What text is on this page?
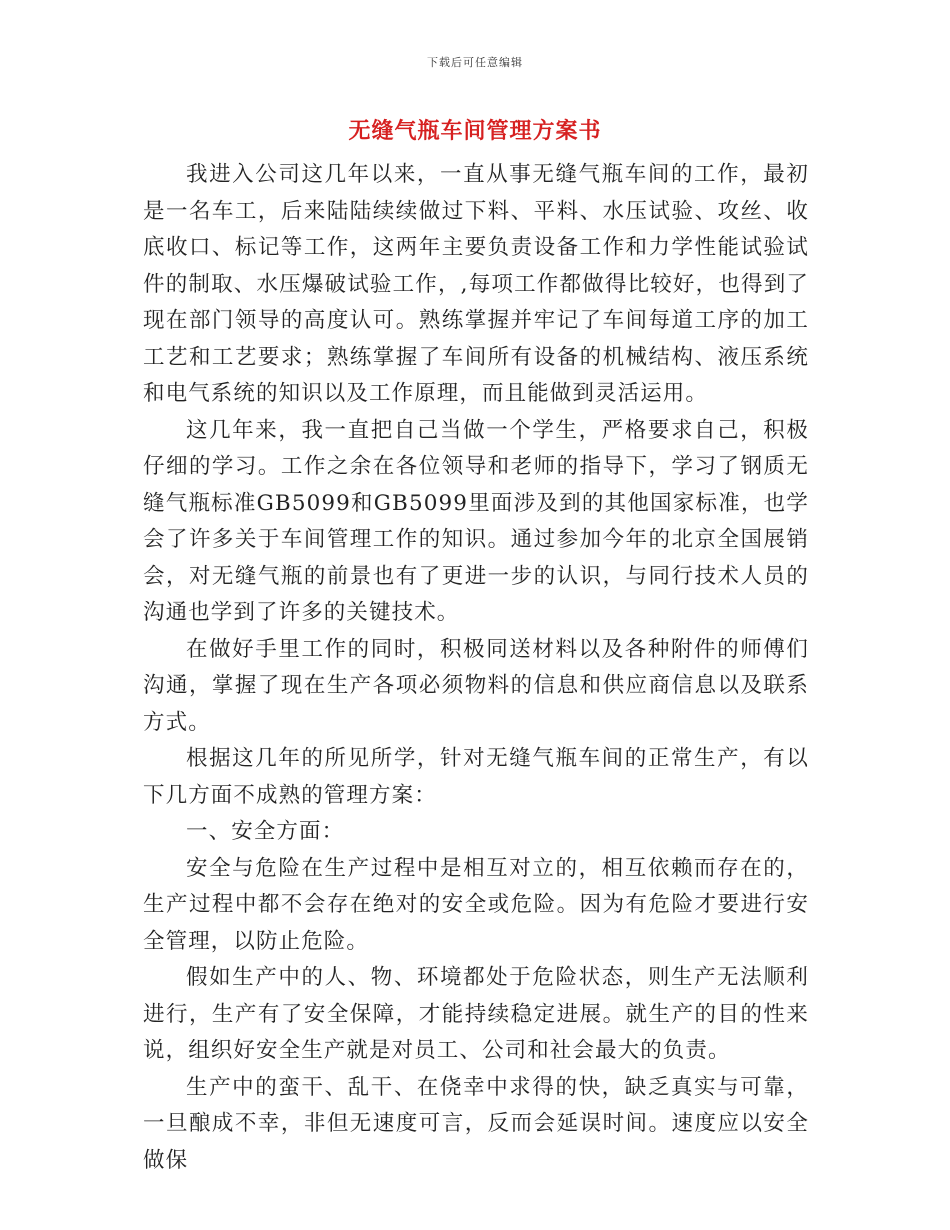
下载后可任意编辑
无缝气瓶车间管理方案书

我进入公司这几年以来，一直从事无缝气瓶车间的工作，最初是一名车工，后来陆陆续续做过下料、平料、水压试验、攻丝、收底收口、标记等工作，这两年主要负责设备工作和力学性能试验试件的制取、水压爆破试验工作，,每项工作都做得比较好，也得到了现在部门领导的高度认可。熟练掌握并牢记了车间每道工序的加工工艺和工艺要求；熟练掌握了车间所有设备的机械结构、液压系统和电气系统的知识以及工作原理，而且能做到灵活运用。

这几年来，我一直把自己当做一个学生，严格要求自己，积极仔细的学习。工作之余在各位领导和老师的指导下，学习了钢质无缝气瓶标准GB5099和GB5099里面涉及到的其他国家标准，也学会了许多关于车间管理工作的知识。通过参加今年的北京全国展销会，对无缝气瓶的前景也有了更进一步的认识，与同行技术人员的沟通也学到了许多的关键技术。

在做好手里工作的同时，积极同送材料以及各种附件的师傅们沟通，掌握了现在生产各项必须物料的信息和供应商信息以及联系方式。

根据这几年的所见所学，针对无缝气瓶车间的正常生产，有以下几方面不成熟的管理方案：

一、安全方面：

安全与危险在生产过程中是相互对立的，相互依赖而存在的，生产过程中都不会存在绝对的安全或危险。因为有危险才要进行安全管理，以防止危险。

假如生产中的人、物、环境都处于危险状态，则生产无法顺利进行，生产有了安全保障，才能持续稳定进展。就生产的目的性来说，组织好安全生产就是对员工、公司和社会最大的负责。

生产中的蛮干、乱干、在侥幸中求得的快，缺乏真实与可靠，一旦酿成不幸，非但无速度可言，反而会延误时间。速度应以安全做保
